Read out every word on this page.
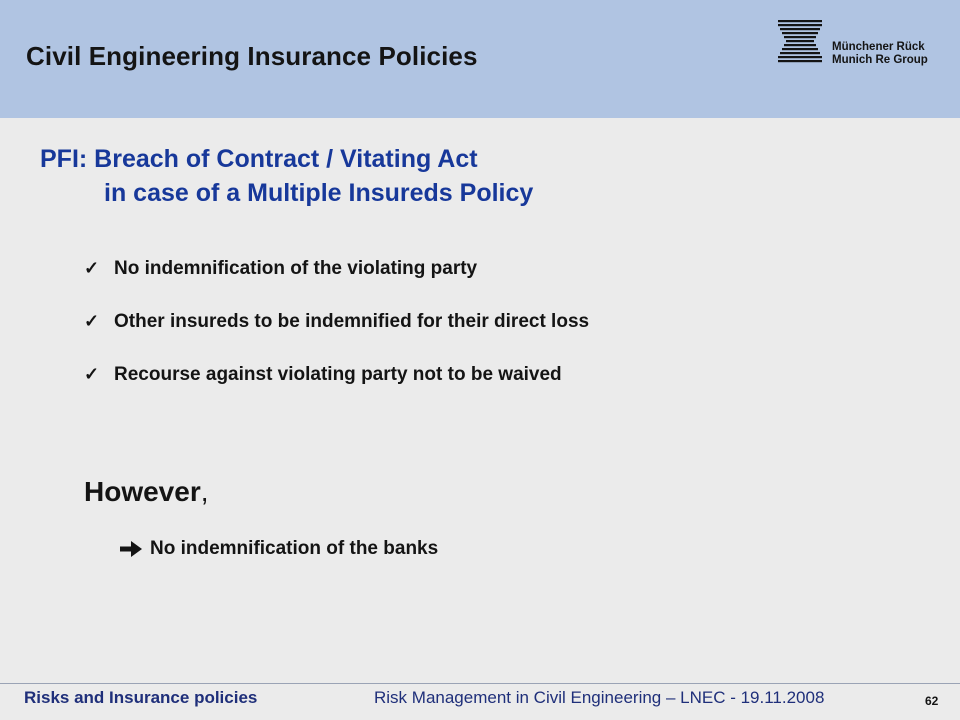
Civil Engineering Insurance Policies	Münchener Rück
Munich Re Group
PFI: Breach of Contract / Vitating Act
in case of a Multiple Insureds Policy
✓ No indemnification of the violating party
✓ Other insureds to be indemnified for their direct loss
✓ Recourse against violating party not to be waived
However,
No indemnification of the banks
Risks and Insurance policies	Risk Management in Civil Engineering – LNEC - 19.11.2008	62
